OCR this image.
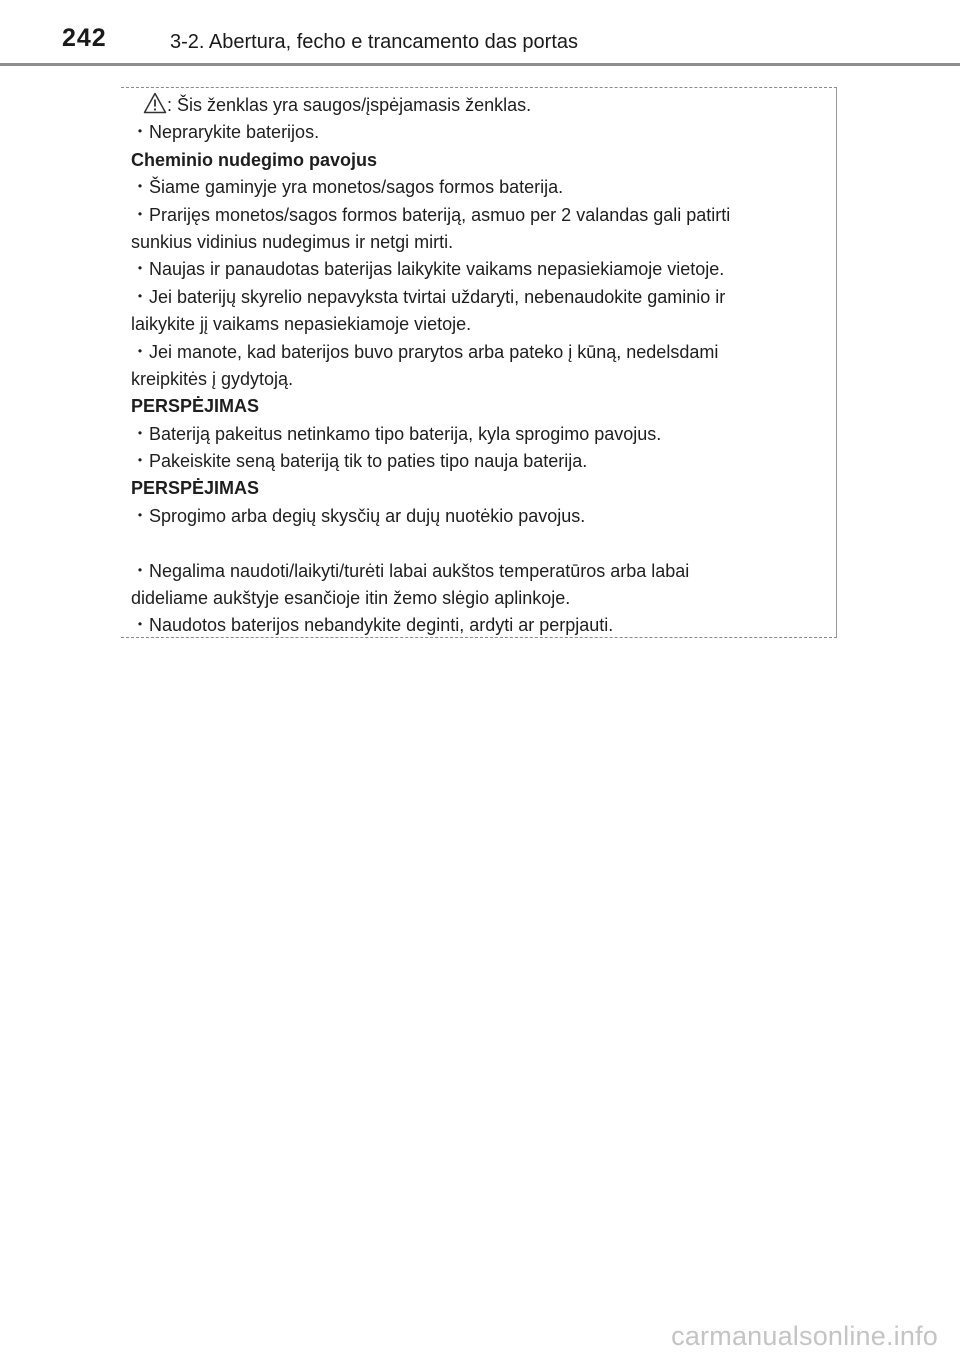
242	3-2. Abertura, fecho e trancamento das portas
: Šis ženklas yra saugos/įspėjamasis ženklas.
・Neprarykite baterijos.
Cheminio nudegimo pavojus
・Šiame gaminyje yra monetos/sagos formos baterija.
・Prarijęs monetos/sagos formos bateriją, asmuo per 2 valandas gali patirti
sunkius vidinius nudegimus ir netgi mirti.
・Naujas ir panaudotas baterijas laikykite vaikams nepasiekiamoje vietoje.
・Jei baterijų skyrelio nepavyksta tvirtai uždaryti, nebenaudokite gaminio ir
laikykite jį vaikams nepasiekiamoje vietoje.
・Jei manote, kad baterijos buvo prarytos arba pateko į kūną, nedelsdami
kreipkitės į gydytoją.
PERSPĖJIMAS
・Bateriją pakeitus netinkamo tipo baterija, kyla sprogimo pavojus.
・Pakeiskite seną bateriją tik to paties tipo nauja baterija.
PERSPĖJIMAS
・Sprogimo arba degių skysčių ar dujų nuotėkio pavojus.
・Negalima naudoti/laikyti/turėti labai aukštos temperatūros arba labai
dideliame aukštyje esančioje itin žemo slėgio aplinkoje.
・Naudotos baterijos nebandykite deginti, ardyti ar perpjauti.
carmanualsonline.info
